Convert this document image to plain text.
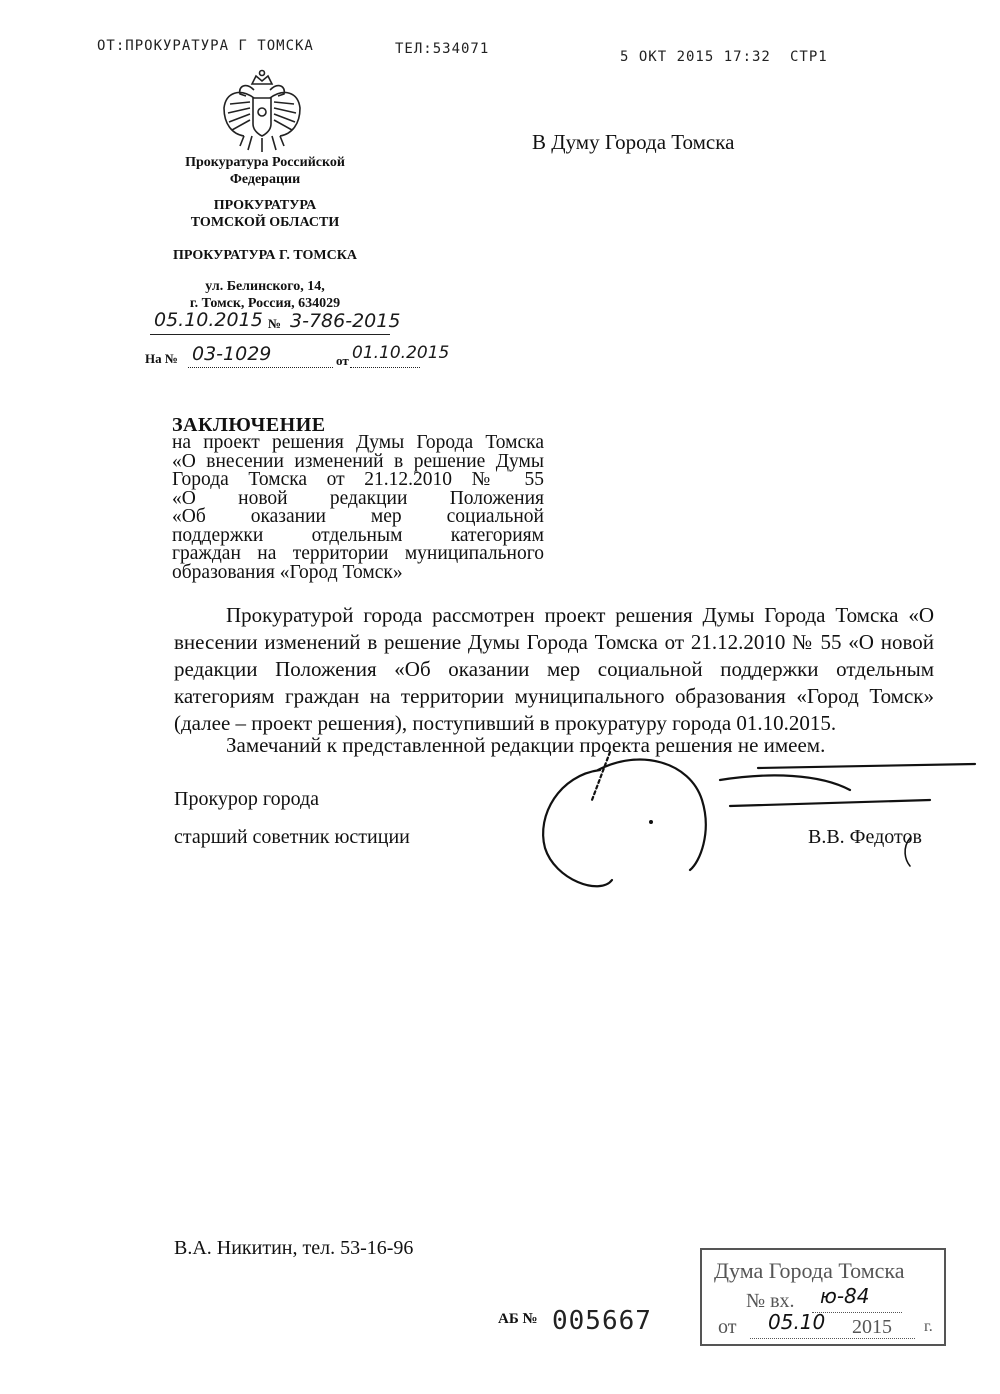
ОТ:ПРОКУРАТУРА Г ТОМСКА	ТЕЛ:534071	5 ОКТ 2015 17:32 СТР1
Прокуратура Российской
Федерации
ПРОКУРАТУРА
ТОМСКОЙ ОБЛАСТИ
ПРОКУРАТУРА Г. ТОМСКА
ул. Белинского, 14,
г. Томск, Россия, 634029
05.10.2015 № 3-786-2015
На № 03-1029	от 01.10.2015
В Думу Города Томска
ЗАКЛЮЧЕНИЕ
на проект решения Думы Города Томска
«О внесении изменений в решение Думы
Города Томска от 21.12.2010 № 55
«О новой редакции Положения
«Об оказании мер социальной
поддержки отдельным категориям
граждан на территории муниципального
образования «Город Томск»
Прокуратурой города рассмотрен проект решения Думы Города Томска «О внесении изменений в решение Думы Города Томска от 21.12.2010 № 55 «О новой редакции Положения «Об оказании мер социальной поддержки отдельным категориям граждан на территории муниципального образования «Город Томск» (далее – проект решения), поступивший в прокуратуру города 01.10.2015.
Замечаний к представленной редакции проекта решения не имеем.
Прокурор города
старший советник юстиции	В.В. Федотов
В.А. Никитин, тел. 53-16-96
АБ № 005667
Дума Города Томска
№ вх. ю-84
от 05.10 2015 г.
